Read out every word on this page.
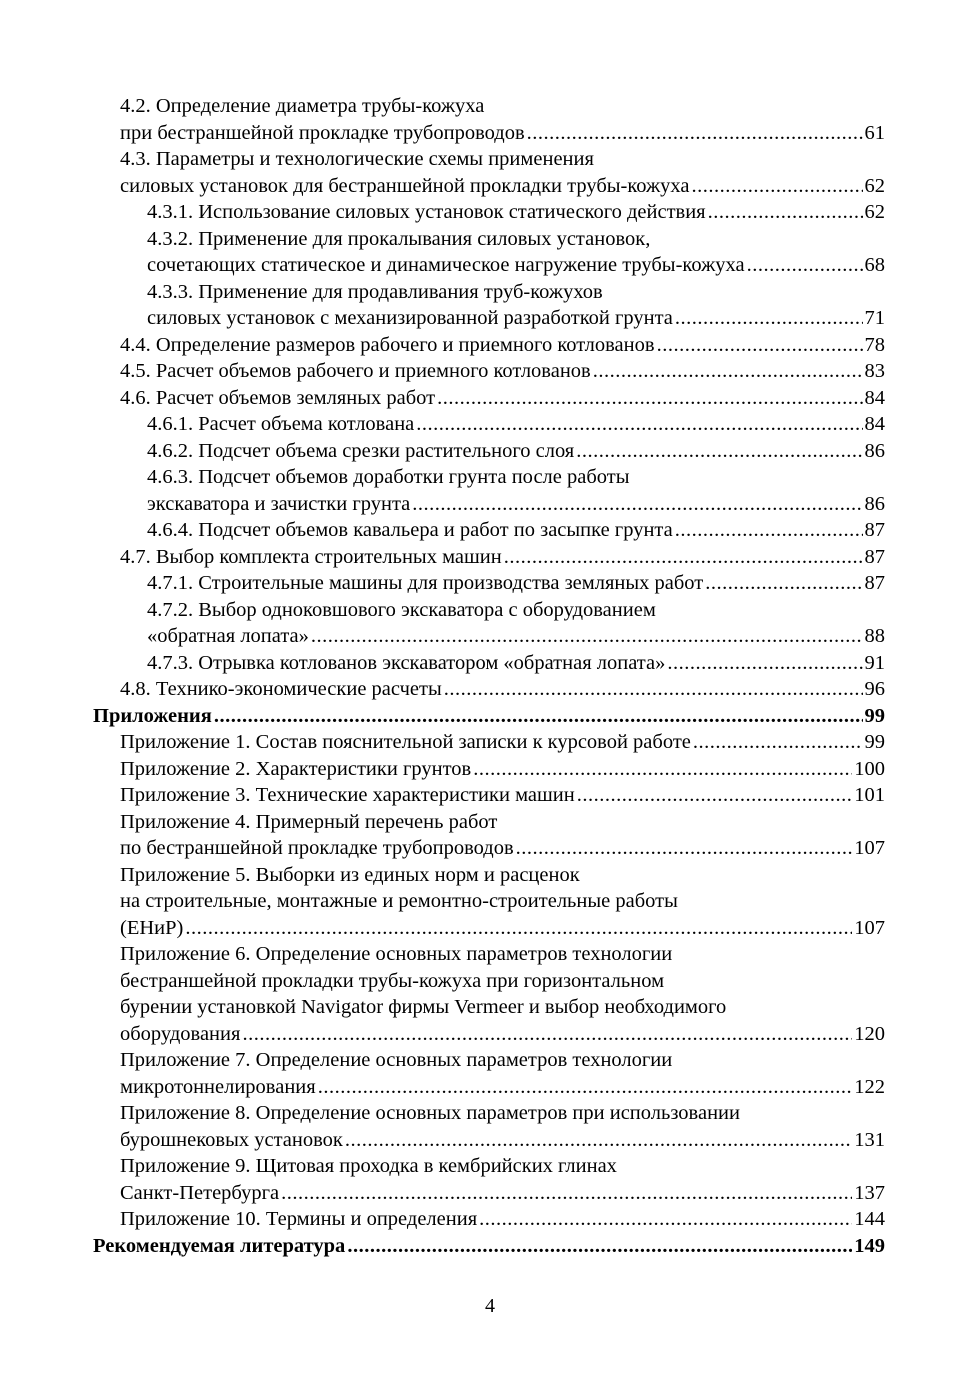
4.2. Определение диаметра трубы-кожуха
при бестраншейной прокладке трубопроводов .....	61
4.3. Параметры и технологические схемы применения
силовых установок для бестраншейной прокладки трубы-кожуха .....	62
4.3.1. Использование силовых установок статического действия .....	62
4.3.2. Применение для прокалывания силовых установок,
сочетающих статическое и динамическое нагружение трубы-кожуха .....	68
4.3.3. Применение для продавливания труб-кожухов
силовых установок с механизированной разработкой грунта .....	71
4.4. Определение размеров рабочего и приемного котлованов .....	78
4.5. Расчет объемов рабочего и приемного котлованов .....	83
4.6. Расчет объемов земляных работ .....	84
4.6.1. Расчет объема котлована .....	84
4.6.2. Подсчет объема срезки растительного слоя .....	86
4.6.3. Подсчет объемов доработки грунта после работы
экскаватора и зачистки грунта .....	86
4.6.4. Подсчет объемов кавальера и работ по засыпке грунта .....	87
4.7. Выбор комплекта строительных машин .....	87
4.7.1. Строительные машины для производства земляных работ .....	87
4.7.2. Выбор одноковшового экскаватора с оборудованием
«обратная лопата» .....	88
4.7.3. Отрывка котлованов экскаватором «обратная лопата» .....	91
4.8. Технико-экономические расчеты .....	96
Приложения .....	99
Приложение 1. Состав пояснительной записки к курсовой работе .....	99
Приложение 2. Характеристики грунтов .....	100
Приложение 3. Технические характеристики машин .....	101
Приложение 4. Примерный перечень работ
по бестраншейной прокладке трубопроводов .....	107
Приложение 5. Выборки из единых норм и расценок
на строительные, монтажные и ремонтно-строительные работы
(ЕНиР) .....	107
Приложение 6. Определение основных параметров технологии
бестраншейной прокладки трубы-кожуха при горизонтальном
бурении установкой Navigator фирмы Vermeer и выбор необходимого
оборудования .....	120
Приложение 7. Определение основных параметров технологии
микротоннелирования .....	122
Приложение 8. Определение основных параметров при использовании
бурошнековых установок .....	131
Приложение 9. Щитовая проходка в кембрийских глинах
Санкт-Петербурга .....	137
Приложение 10. Термины и определения .....	144
Рекомендуемая литература .....	149
4
